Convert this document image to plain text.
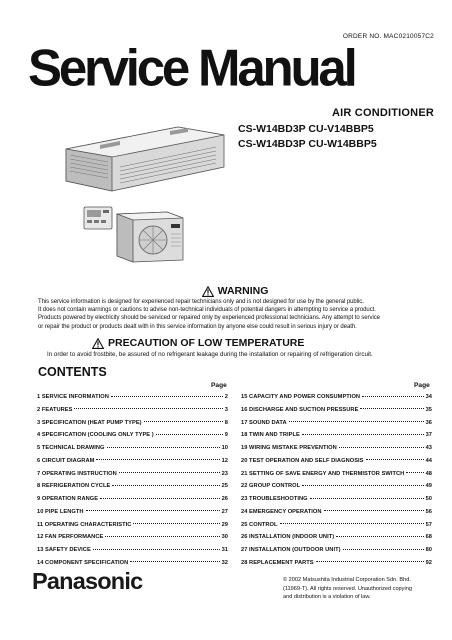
ORDER NO. MAC0210057C2
Service Manual
AIR CONDITIONER
CS-W14BD3P CU-V14BBP5
CS-W14BD3P CU-W14BBP5
WARNING
This service information is designed for experienced repair technicians only and is not designed for use by the general public.
It does not contain warnings or cautions to advise non-technical individuals of potential dangers in attempting to service a product.
Products powered by electricity should be serviced or repaired only by experienced professional technicians. Any attempt to service
or repair the product or products dealt with in this service information by anyone else could result in serious injury or death.
PRECAUTION OF LOW TEMPERATURE
In order to avoid frostbite, be assured of no refrigerant leakage during the installation or repairing of refrigeration circuit.
CONTENTS
Page	Page
1 SERVICE INFORMATION	2
2 FEATURES	3
3 SPECIFICATION (HEAT PUMP TYPE)	8
4 SPECIFICATION (COOLING ONLY TYPE )	9
5 TECHNICAL DRAWING	10
6 CIRCUIT DIAGRAM	12
7 OPERATING INSTRUCTION	23
8 REFRIGERATION CYCLE	25
9 OPERATION RANGE	26
10 PIPE LENGTH	27
11 OPERATING CHARACTERISTIC	29
12 FAN PERFORMANCE	30
13 SAFETY DEVICE	31
14 COMPONENT SPECIFICATION	32
15 CAPACITY AND POWER CONSUMPTION	34
16 DISCHARGE AND SUCTION PRESSURE	35
17 SOUND DATA	36
18 TWIN AND TRIPLE	37
19 WIRING MISTAKE PREVENTION	43
20 TEST OPERATION AND SELF DIAGNOSIS	44
21 SETTING OF SAVE ENERGY AND THERMISTOR SWITCH	48
22 GROUP CONTROL	49
23 TROUBLESHOOTING	50
24 EMERGENCY OPERATION	56
25 CONTROL	57
26 INSTALLATION (INDOOR UNIT)	68
27 INSTALLATION (OUTDOOR UNIT)	80
28 REPLACEMENT PARTS	92
Panasonic	© 2002 Matsushita Industrial Corporation Sdn. Bhd.
(11969-T). All rights reserved. Unauthorized copying
and distribution is a violation of law.
